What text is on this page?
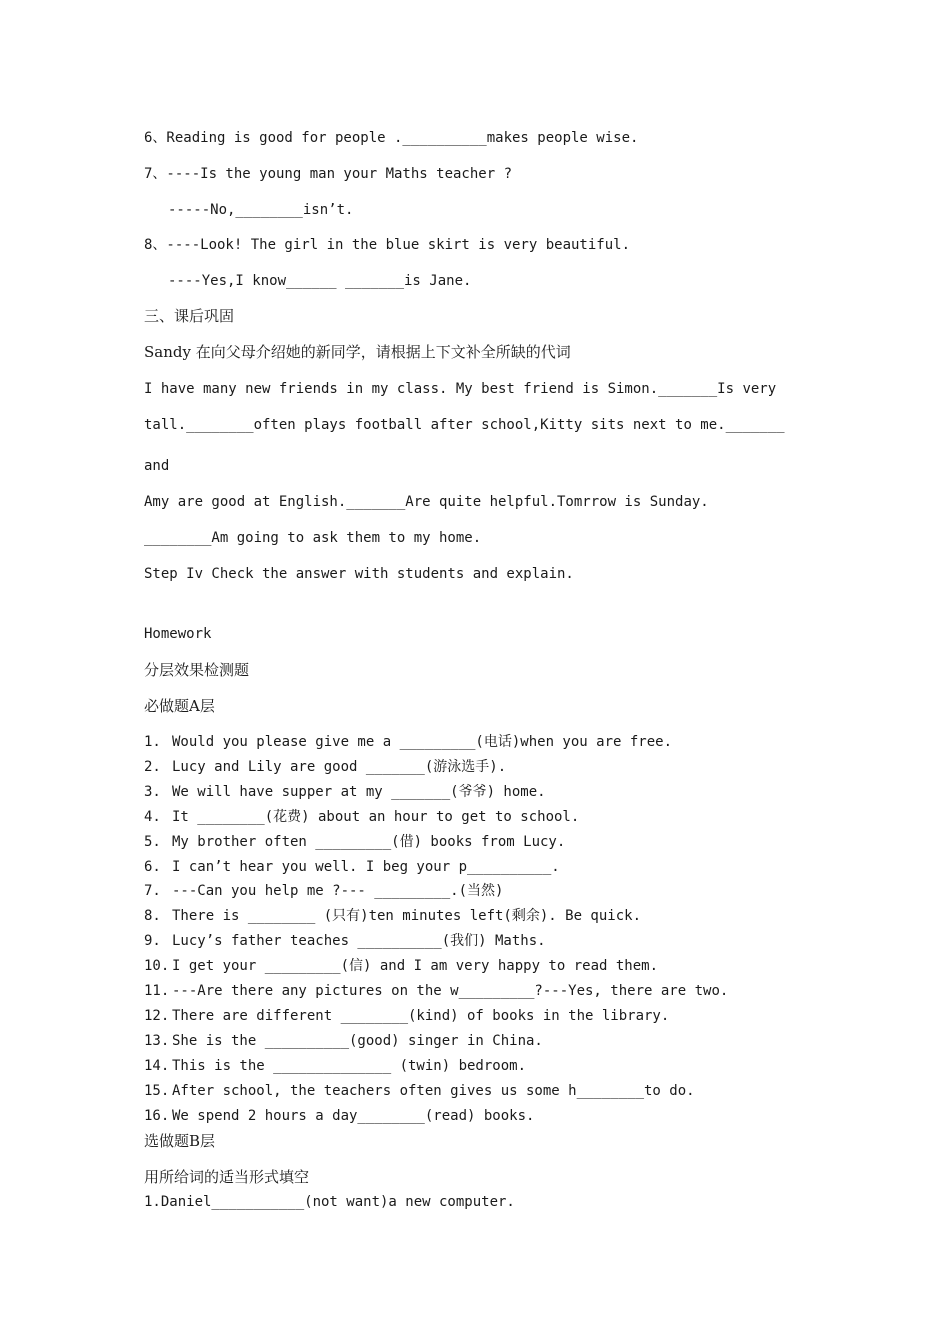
6、Reading is good for people .__________makes people wise.
7、----Is the young man your Maths teacher ?
-----No,________isn’t.
8、----Look! The girl in the blue skirt is very beautiful.
----Yes,I know______ _______is Jane.
三、课后巩固
Sandy 在向父母介绍她的新同学，请根据上下文补全所缺的代词
I have many new friends in my class. My best friend is Simon._______Is very
tall.________often plays football after school,Kitty sits next to me._______
and
Amy are good at English._______Are quite helpful.Tomrrow is Sunday.
________Am going to ask them to my home.
Step Iv Check the answer with students and explain.
Homework
分层效果检测题
必做题A层
1. Would you please give me a _________(电话)when you are free.
2. Lucy and Lily are good _______(游泳选手).
3. We will have supper at my _______(爷爷) home.
4. It ________(花费) about an hour to get to school.
5. My brother often _________(借) books from Lucy.
6. I can’t hear you well. I beg your p__________.
7. ---Can you help me ?--- _________.(当然)
8. There is ________ (只有)ten minutes left(剩余). Be quick.
9. Lucy’s father teaches __________(我们) Maths.
10. I get your _________(信) and I am very happy to read them.
11. ---Are there any pictures on the w_________?---Yes, there are two.
12. There are different ________(kind) of books in the library.
13. She is the __________(good) singer in China.
14. This is the ______________ (twin) bedroom.
15. After school, the teachers often gives us some h________to do.
16. We spend 2 hours a day________(read) books.
选做题B层
用所给词的适当形式填空
1.Daniel___________(not want)a new computer.
